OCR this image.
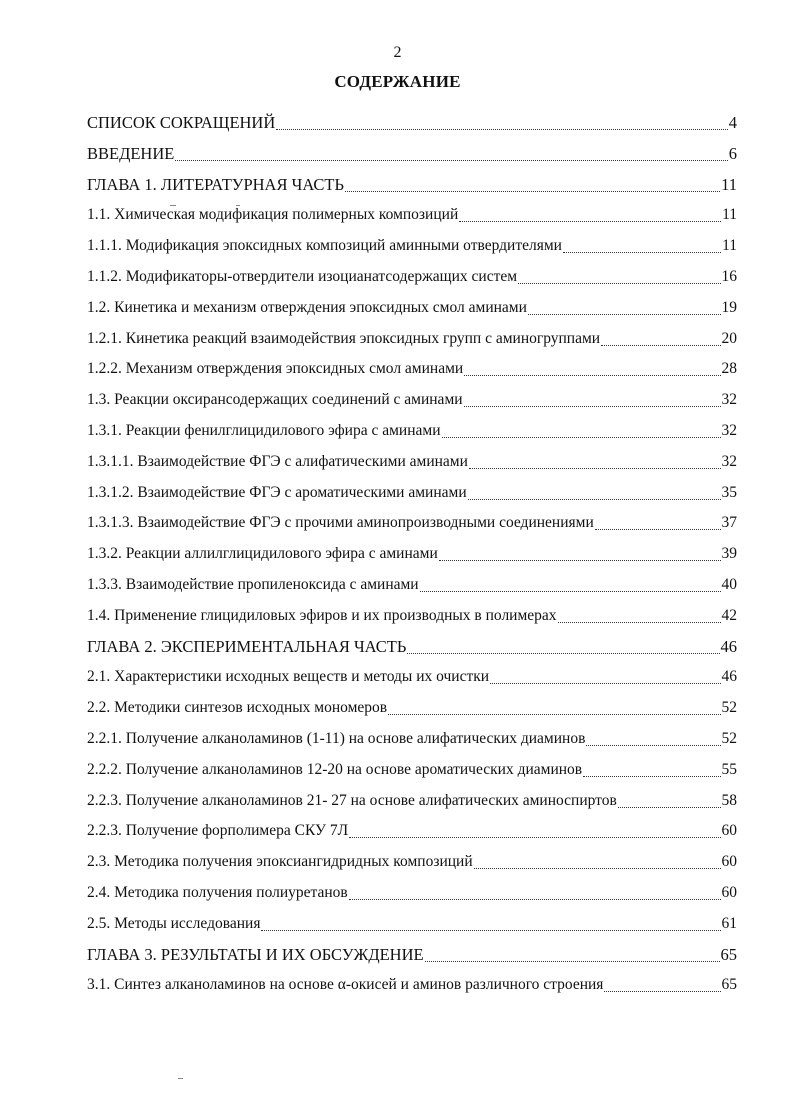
2
СОДЕРЖАНИЕ
СПИСОК СОКРАЩЕНИЙ	4
ВВЕДЕНИЕ	6
ГЛАВА 1. ЛИТЕРАТУРНАЯ ЧАСТЬ	11
1.1. Химическая модификация полимерных композиций	11
1.1.1. Модификация эпоксидных композиций аминными отвердителями	11
1.1.2. Модификаторы-отвердители изоцианатсодержащих систем	16
1.2. Кинетика и механизм отверждения эпоксидных смол аминами	19
1.2.1. Кинетика реакций взаимодействия эпоксидных групп с аминогруппами	20
1.2.2. Механизм отверждения эпоксидных смол аминами	28
1.3. Реакции оксирансодержащих соединений с аминами	32
1.3.1. Реакции фенилглицидилового эфира с аминами	32
1.3.1.1. Взаимодействие ФГЭ с алифатическими аминами	32
1.3.1.2. Взаимодействие ФГЭ с ароматическими аминами	35
1.3.1.3. Взаимодействие ФГЭ с прочими аминопроизводными соединениями	37
1.3.2. Реакции аллилглицидилового эфира с аминами	39
1.3.3. Взаимодействие пропиленоксида с аминами	40
1.4. Применение глицидиловых эфиров и их производных в полимерах	42
ГЛАВА 2. ЭКСПЕРИМЕНТАЛЬНАЯ ЧАСТЬ	46
2.1. Характеристики исходных веществ и методы их очистки	46
2.2. Методики синтезов исходных мономеров	52
2.2.1. Получение алканоламинов (1-11) на основе алифатических диаминов	52
2.2.2. Получение алканоламинов 12-20 на основе ароматических диаминов	55
2.2.3. Получение алканоламинов 21- 27 на основе алифатических аминоспиртов	58
2.2.3. Получение форполимера СКУ 7Л	60
2.3. Методика получения эпоксиангидридных композиций	60
2.4. Методика получения полиуретанов	60
2.5. Методы исследования	61
ГЛАВА 3. РЕЗУЛЬТАТЫ И ИХ ОБСУЖДЕНИЕ	65
3.1. Синтез алканоламинов на основе α-окисей и аминов различного строения	65
